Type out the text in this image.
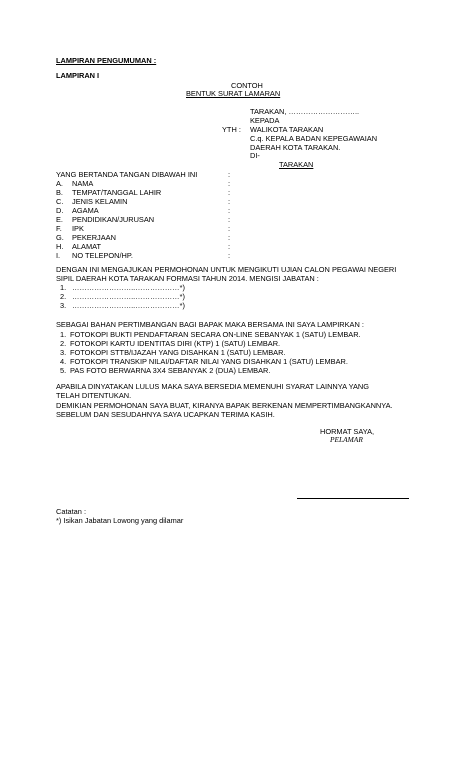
LAMPIRAN PENGUMUMAN :
LAMPIRAN I
CONTOH
BENTUK SURAT LAMARAN
TARAKAN, ………………………..
KEPADA
YTH : WALIKOTA TARAKAN
C.q. KEPALA BADAN KEPEGAWAIAN
DAERAH KOTA TARAKAN.
DI-
TARAKAN
YANG BERTANDA TANGAN DIBAWAH INI	:
A. NAMA	:
B. TEMPAT/TANGGAL LAHIR	:
C. JENIS KELAMIN	:
D. AGAMA	:
E. PENDIDIKAN/JURUSAN	:
F. IPK	:
G. PEKERJAAN	:
H. ALAMAT	:
I. NO TELEPON/HP.	:
DENGAN INI MENGAJUKAN PERMOHONAN UNTUK MENGIKUTI UJIAN CALON PEGAWAI NEGERI
SIPIL DAERAH KOTA TARAKAN FORMASI TAHUN 2014. MENGISI JABATAN :
1. ……………………..………………*)
2. ……………………..………………*)
3. ……………………..………………*)
SEBAGAI BAHAN PERTIMBANGAN BAGI BAPAK MAKA BERSAMA INI SAYA LAMPIRKAN :
1. FOTOKOPI BUKTI PENDAFTARAN SECARA ON-LINE SEBANYAK 1 (SATU) LEMBAR.
2. FOTOKOPI KARTU IDENTITAS DIRI (KTP) 1 (SATU) LEMBAR.
3. FOTOKOPI STTB/IJAZAH YANG DISAHKAN 1 (SATU) LEMBAR.
4. FOTOKOPI TRANSKIP NILAI/DAFTAR NILAI YANG DISAHKAN 1 (SATU) LEMBAR.
5. PAS FOTO BERWARNA 3X4 SEBANYAK 2 (DUA) LEMBAR.
APABILA DINYATAKAN LULUS MAKA SAYA BERSEDIA MEMENUHI SYARAT LAINNYA YANG
TELAH DITENTUKAN.
DEMIKIAN PERMOHONAN SAYA BUAT, KIRANYA BAPAK BERKENAN MEMPERTIMBANGKANNYA.
SEBELUM DAN SESUDAHNYA SAYA UCAPKAN TERIMA KASIH.
HORMAT SAYA,
PELAMAR
Catatan :
*) Isikan Jabatan Lowong yang dilamar
